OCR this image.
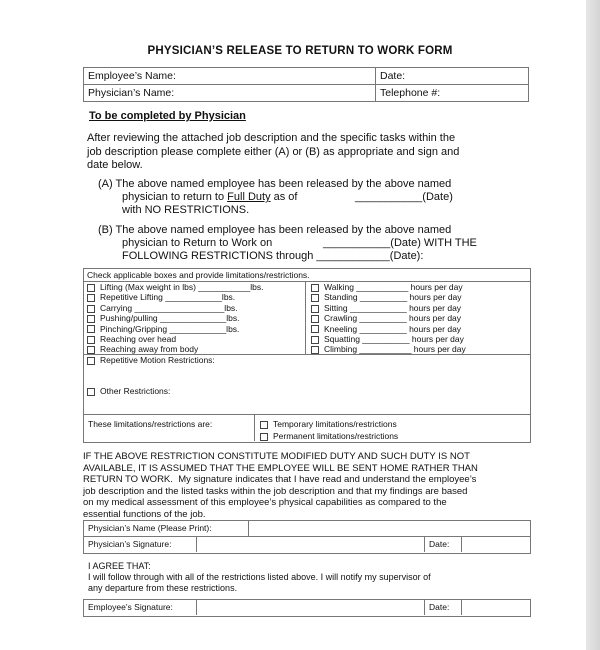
PHYSICIAN’S RELEASE TO RETURN TO WORK FORM
Employee’s Name:	Date:
Physician’s Name:	Telephone #:
To be completed by Physician
After reviewing the attached job description and the specific tasks within the
job description please complete either (A) or (B) as appropriate and sign and
date below.
(A) The above named employee has been released by the above named
physician to return to Full Duty as of	___________(Date)
with NO RESTRICTIONS.
(B) The above named employee has been released by the above named
physician to Return to Work on	___________(Date) WITH THE
FOLLOWING RESTRICTIONS through ____________(Date):
Check applicable boxes and provide limitations/restrictions.
Lifting (Max weight in lbs) ___________lbs.
Repetitive Lifting ____________lbs.
Carrying ___________________lbs.
Pushing/pulling ______________lbs.
Pinching/Gripping ____________lbs.
Reaching over head
Reaching away from body
Walking ___________ hours per day
Standing __________ hours per day
Sitting ____________ hours per day
Crawling __________ hours per day
Kneeling __________ hours per day
Squatting __________ hours per day
Climbing ___________ hours per day
Repetitive Motion Restrictions:
Other Restrictions:
These limitations/restrictions are:	Temporary limitations/restrictions
Permanent limitations/restrictions
IF THE ABOVE RESTRICTION CONSTITUTE MODIFIED DUTY AND SUCH DUTY IS NOT
AVAILABLE, IT IS ASSUMED THAT THE EMPLOYEE WILL BE SENT HOME RATHER THAN
RETURN TO WORK. My signature indicates that I have read and understand the employee’s
job description and the listed tasks within the job description and that my findings are based
on my medical assessment of this employee’s physical capabilities as compared to the
essential functions of the job.
Physician’s Name (Please Print):
Physician’s Signature:	Date:
I AGREE THAT:
I will follow through with all of the restrictions listed above. I will notify my supervisor of
any departure from these restrictions.
Employee’s Signature:	Date:
